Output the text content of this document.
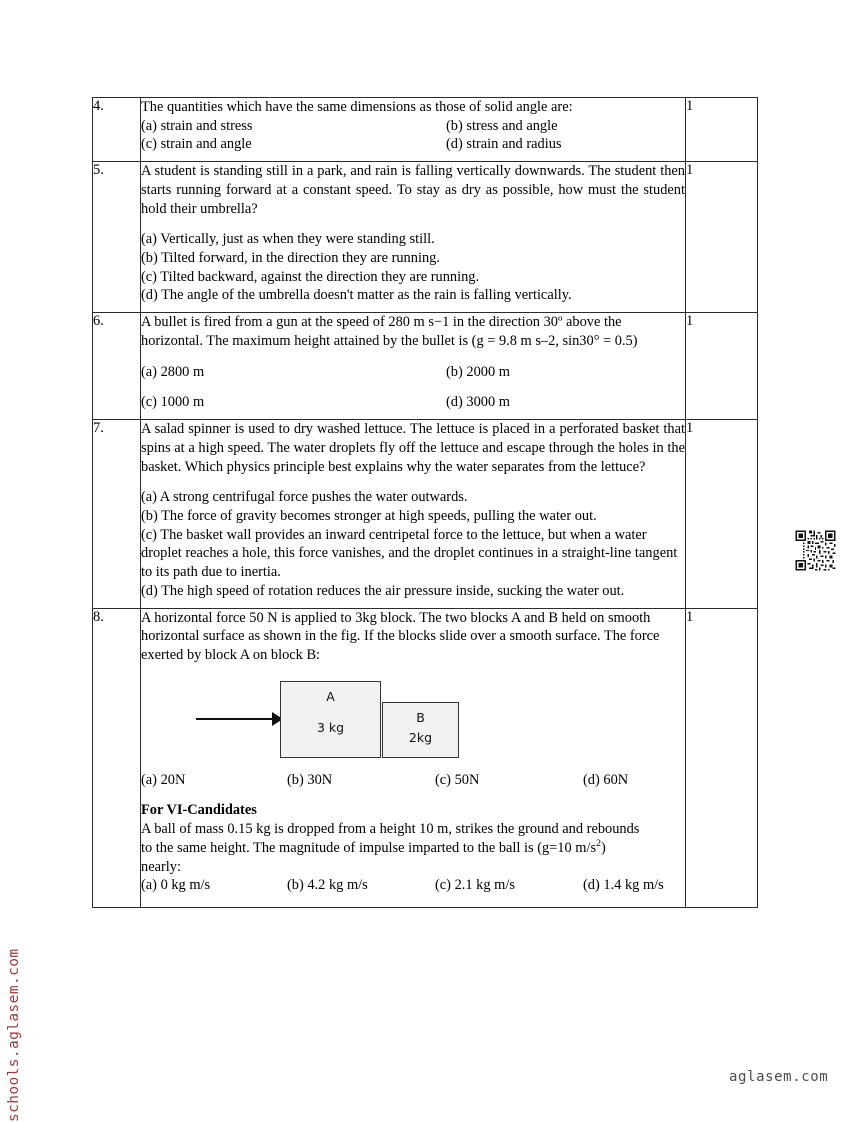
schools.aglasem.com	aglasem.com
4.	The quantities which have the same dimensions as those of solid angle are:

(a) strain and stress (b) stress and angle
(c) strain and angle (d) strain and radius	1
5.	A student is standing still in a park, and rain is falling vertically downwards. The student then starts running forward at a constant speed. To stay as dry as possible, how must the student hold their umbrella?

(a) Vertically, just as when they were standing still.

(b) Tilted forward, in the direction they are running.

(c) Tilted backward, against the direction they are running.

(d) The angle of the umbrella doesn't matter as the rain is falling vertically.	1
6.	A bullet is fired from a gun at the speed of 280 m s−1 in the direction 30º above the

horizontal. The maximum height attained by the bullet is (g = 9.8 m s–2, sin30° = 0.5)

(a) 2800 m	(b) 2000 m
(c) 1000 m	(d) 3000 m
	1
7.	A salad spinner is used to dry washed lettuce. The lettuce is placed in a perforated basket that spins at a high speed. The water droplets fly off the lettuce and escape through the holes in the basket. Which physics principle best explains why the water separates from the lettuce?

(a) A strong centrifugal force pushes the water outwards.

(b) The force of gravity becomes stronger at high speeds, pulling the water out.

(c) The basket wall provides an inward centripetal force to the lettuce, but when a water droplet reaches a hole, this force vanishes, and the droplet continues in a straight-line tangent to its path due to inertia.

(d) The high speed of rotation reduces the air pressure inside, sucking the water out.	1
8.	A horizontal force 50 N is applied to 3kg block. The two blocks A and B held on smooth horizontal surface as shown in the fig. If the blocks slide over a smooth surface. The force exerted by block A on block B:

A
3 kg
B
2kg
(a) 20N	(b) 30N	(c) 50N	(d) 60N

For VI-Candidates

A ball of mass 0.15 kg is dropped from a height 10 m, strikes the ground and rebounds

to the same height. The magnitude of impulse imparted to the ball is (g=10 $m/s^2$)

nearly:

(a) 0 kg m/s	(b) 4.2 kg m/s	(c) 2.1 kg m/s	(d) 1.4 kg m/s
	1
